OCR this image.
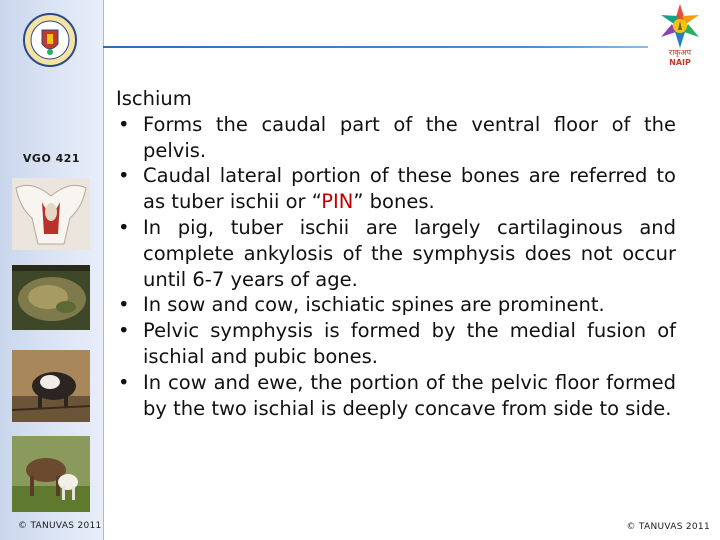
VGO 421
© TANUVAS 2011
राकृअप
NAIP

Ischium

• Forms the caudal part of the ventral floor of the pelvis.
• Caudal lateral portion of these bones are referred to as tuber ischii or “PIN” bones.
• In pig, tuber ischii are largely cartilaginous and complete ankylosis of the symphysis does not occur until 6-7 years of age.
• In sow and cow, ischiatic spines are prominent.
• Pelvic symphysis is formed by the medial fusion of ischial and pubic bones.
• In cow and ewe, the portion of the pelvic floor formed by the two ischial is deeply concave from side to side.
© TANUVAS 2011
